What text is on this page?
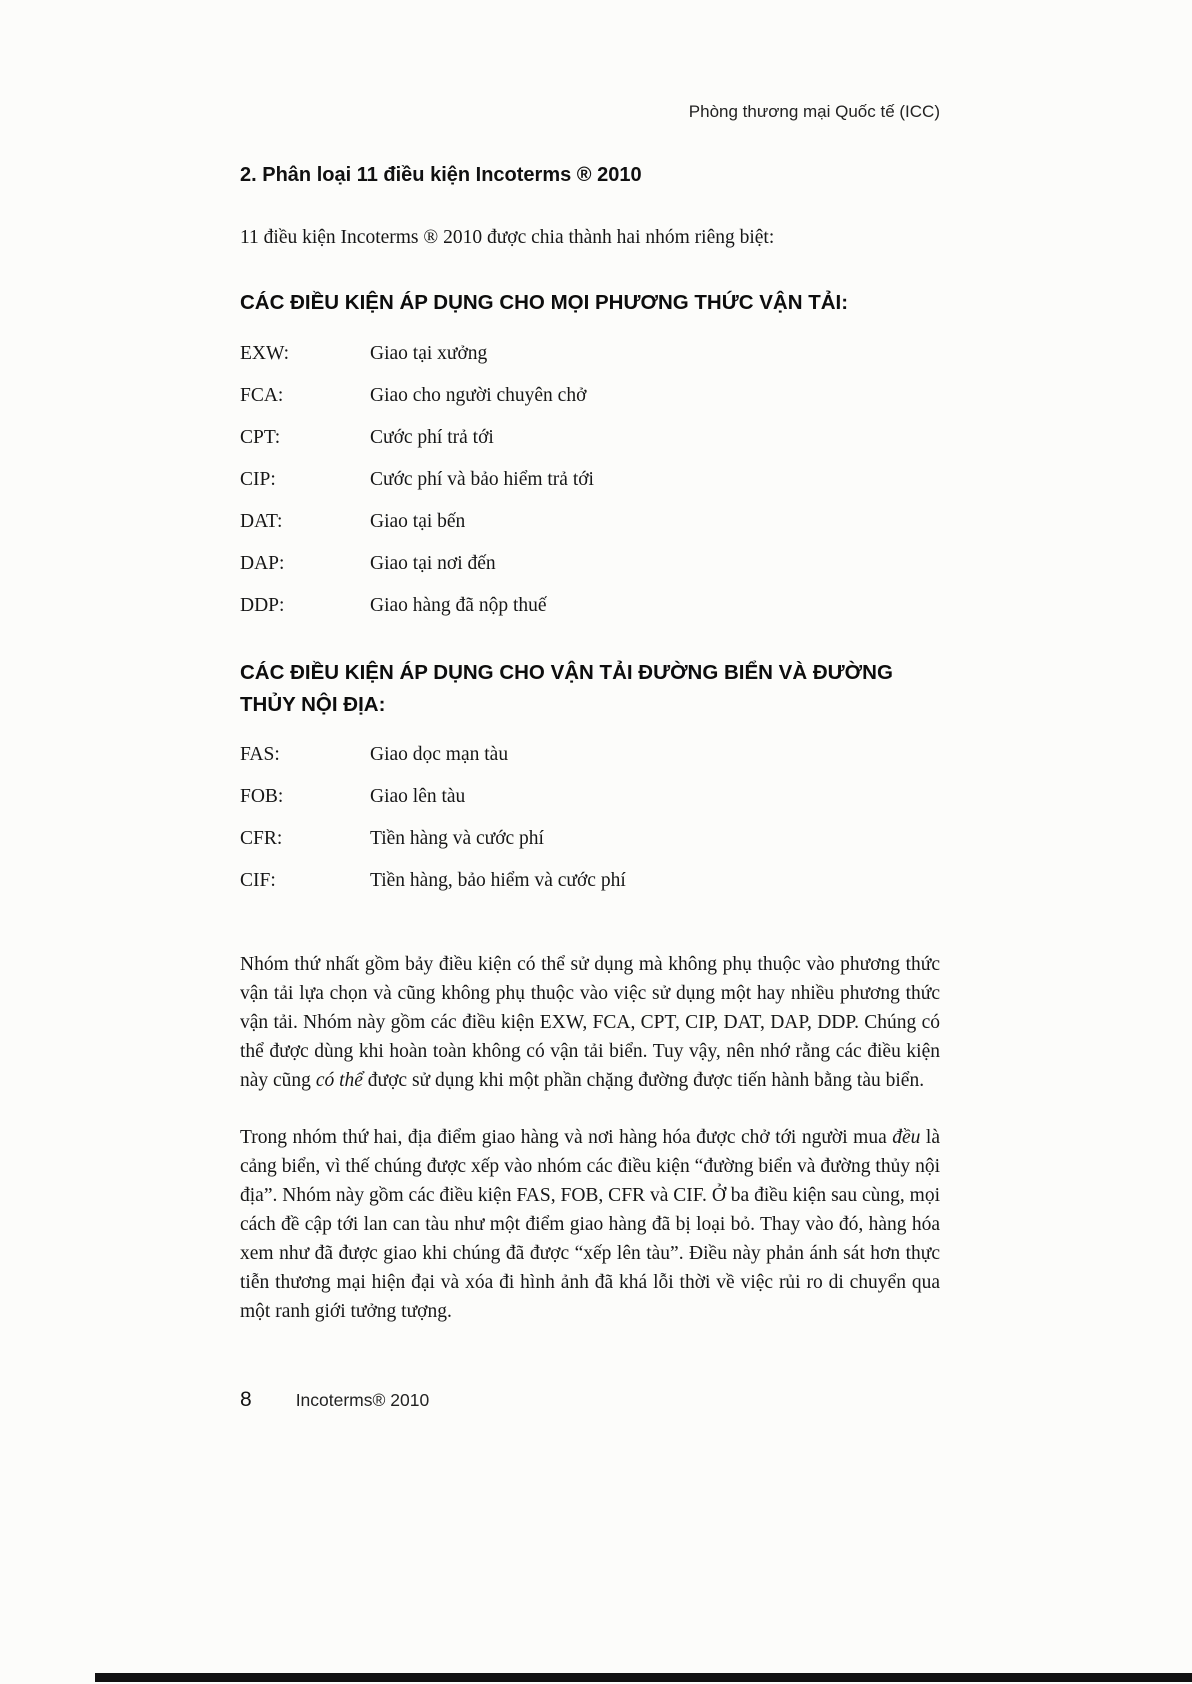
Phòng thương mại Quốc tế (ICC)
2. Phân loại 11 điều kiện Incoterms ® 2010

11 điều kiện Incoterms ® 2010 được chia thành hai nhóm riêng biệt:

CÁC ĐIỀU KIỆN ÁP DỤNG CHO MỌI PHƯƠNG THỨC VẬN TẢI:
EXW:	Giao tại xưởng
FCA:	Giao cho người chuyên chở
CPT:	Cước phí trả tới
CIP:	Cước phí và bảo hiểm trả tới
DAT:	Giao tại bến
DAP:	Giao tại nơi đến
DDP:	Giao hàng đã nộp thuế
CÁC ĐIỀU KIỆN ÁP DỤNG CHO VẬN TẢI ĐƯỜNG BIỂN VÀ ĐƯỜNG THỦY NỘI ĐỊA:
FAS:	Giao dọc mạn tàu
FOB:	Giao lên tàu
CFR:	Tiền hàng và cước phí
CIF:	Tiền hàng, bảo hiểm và cước phí

Nhóm thứ nhất gồm bảy điều kiện có thể sử dụng mà không phụ thuộc vào phương thức vận tải lựa chọn và cũng không phụ thuộc vào việc sử dụng một hay nhiều phương thức vận tải. Nhóm này gồm các điều kiện EXW, FCA, CPT, CIP, DAT, DAP, DDP. Chúng có thể được dùng khi hoàn toàn không có vận tải biển. Tuy vậy, nên nhớ rằng các điều kiện này cũng có thể được sử dụng khi một phần chặng đường được tiến hành bằng tàu biển.

Trong nhóm thứ hai, địa điểm giao hàng và nơi hàng hóa được chở tới người mua đều là cảng biển, vì thế chúng được xếp vào nhóm các điều kiện “đường biển và đường thủy nội địa”. Nhóm này gồm các điều kiện FAS, FOB, CFR và CIF. Ở ba điều kiện sau cùng, mọi cách đề cập tới lan can tàu như một điểm giao hàng đã bị loại bỏ. Thay vào đó, hàng hóa xem như đã được giao khi chúng đã được “xếp lên tàu”. Điều này phản ánh sát hơn thực tiễn thương mại hiện đại và xóa đi hình ảnh đã khá lỗi thời về việc rủi ro di chuyển qua một ranh giới tưởng tượng.

8	Incoterms® 2010
